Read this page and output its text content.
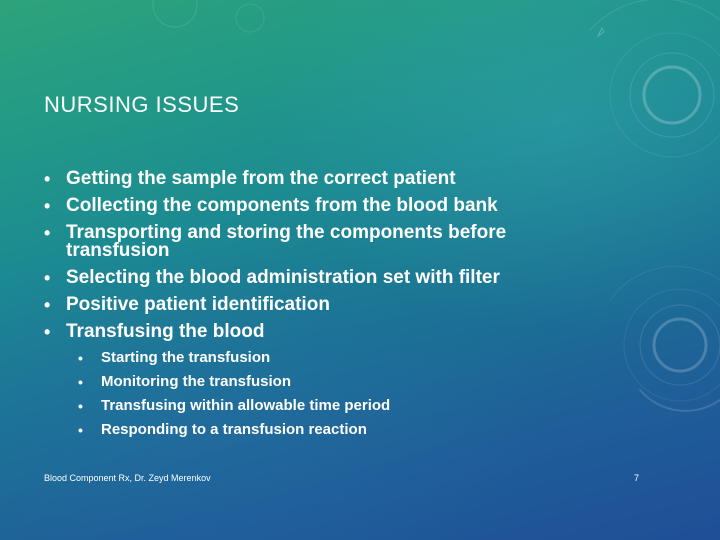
NURSING ISSUES
• Getting the sample from the correct patient
• Collecting the components from the blood bank
• Transporting and storing the components before transfusion
• Selecting the blood administration set with filter
• Positive patient identification
• Transfusing the blood
• Starting the transfusion
• Monitoring the transfusion
• Transfusing within allowable time period
• Responding to a transfusion reaction
Blood Component Rx, Dr. Zeyd Merenkov	7
